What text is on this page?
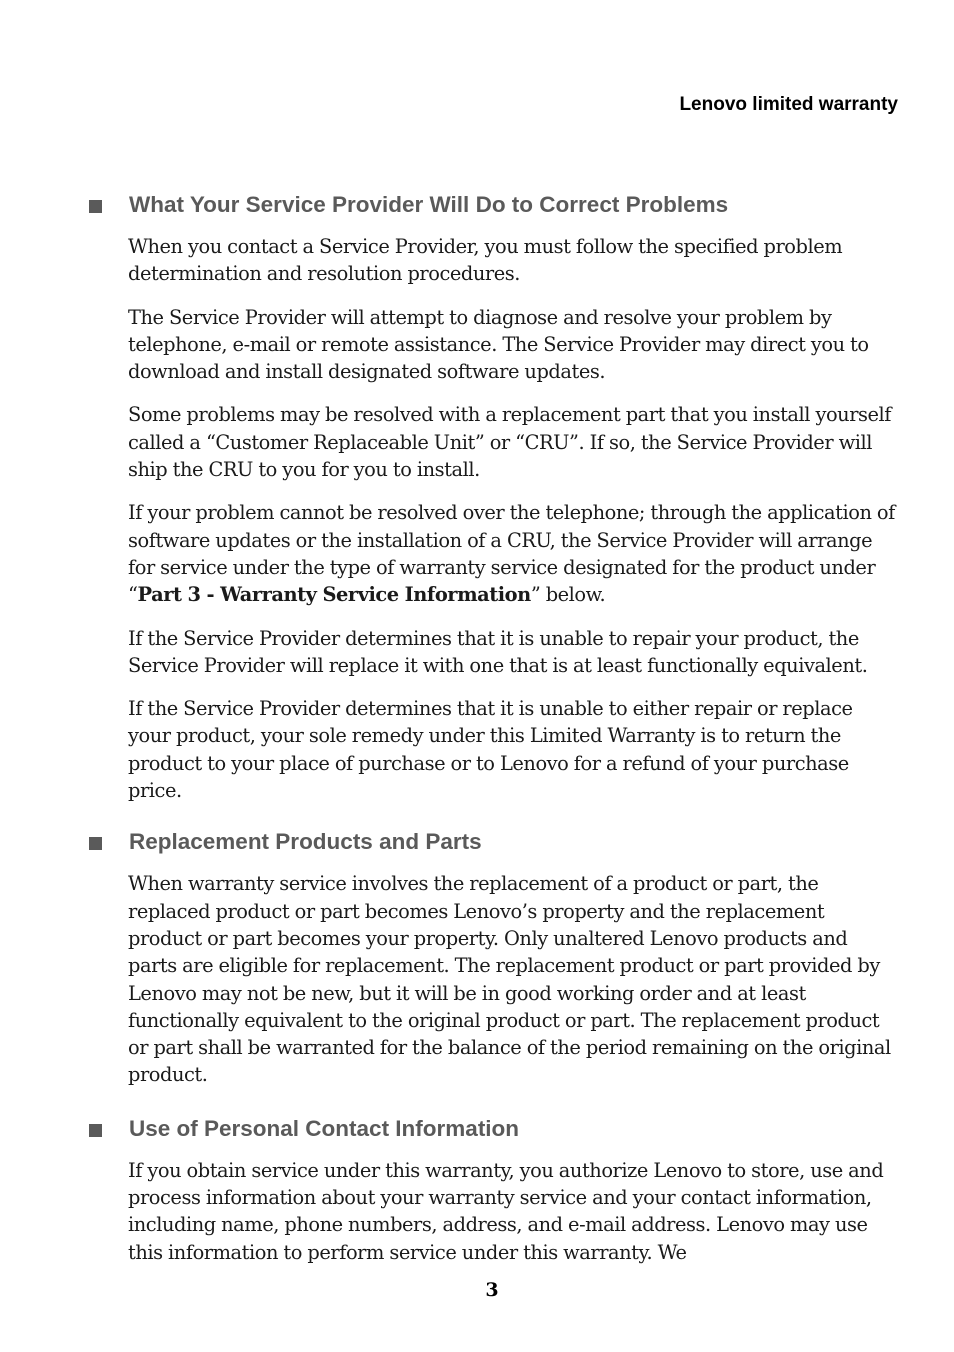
Lenovo limited warranty
What Your Service Provider Will Do to Correct Problems

When you contact a Service Provider, you must follow the specified problem determination and resolution procedures.

The Service Provider will attempt to diagnose and resolve your problem by telephone, e-mail or remote assistance. The Service Provider may direct you to download and install designated software updates.

Some problems may be resolved with a replacement part that you install yourself called a “Customer Replaceable Unit” or “CRU”. If so, the Service Provider will ship the CRU to you for you to install.

If your problem cannot be resolved over the telephone; through the application of software updates or the installation of a CRU, the Service Provider will arrange for service under the type of warranty service designated for the product under “Part 3 - Warranty Service Information” below.

If the Service Provider determines that it is unable to repair your product, the Service Provider will replace it with one that is at least functionally equivalent.

If the Service Provider determines that it is unable to either repair or replace your product, your sole remedy under this Limited Warranty is to return the product to your place of purchase or to Lenovo for a refund of your purchase price.

Replacement Products and Parts

When warranty service involves the replacement of a product or part, the replaced product or part becomes Lenovo’s property and the replacement product or part becomes your property. Only unaltered Lenovo products and parts are eligible for replacement. The replacement product or part provided by Lenovo may not be new, but it will be in good working order and at least functionally equivalent to the original product or part. The replacement product or part shall be warranted for the balance of the period remaining on the original product.

Use of Personal Contact Information

If you obtain service under this warranty, you authorize Lenovo to store, use and process information about your warranty service and your contact information, including name, phone numbers, address, and e-mail address. Lenovo may use this information to perform service under this warranty. We

3
